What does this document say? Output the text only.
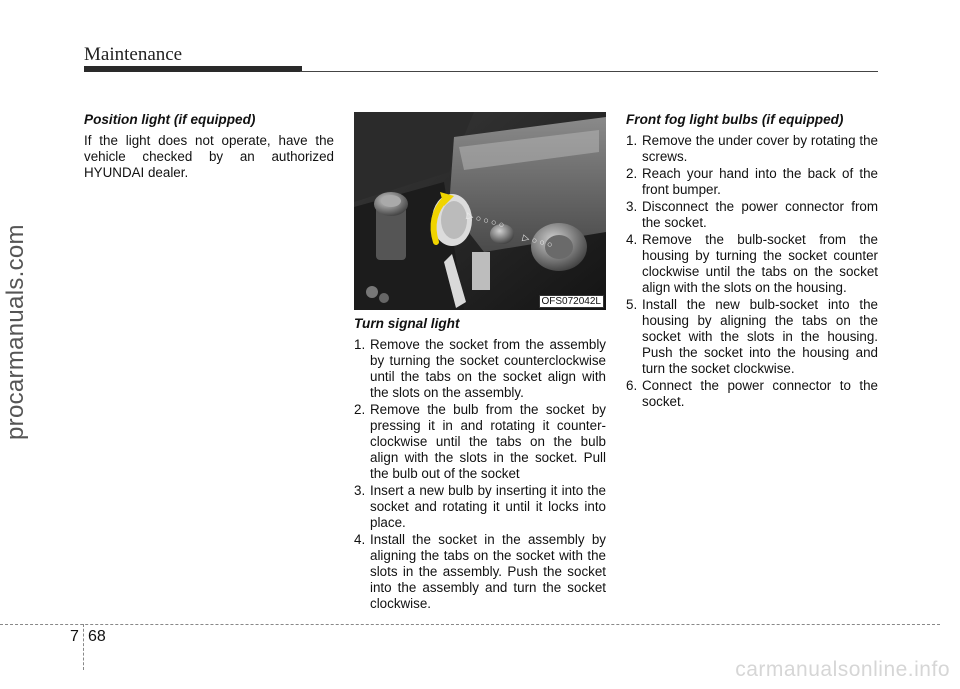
Maintenance
procarmanuals.com
Position light (if equipped)

If the light does not operate, have the vehicle checked by an authorized HYUNDAI dealer.

▷ ○ ○ ○ ○
▷ ○ ○ ○
OFS072042L
Turn signal light
1. Remove the socket from the assembly by turning the socket counterclockwise until the tabs on the socket align with the slots on the assembly.
2. Remove the bulb from the socket by pressing it in and rotating it counter-clockwise until the tabs on the bulb align with the slots in the socket. Pull the bulb out of the socket
3. Insert a new bulb by inserting it into the socket and rotating it until it locks into place.
4. Install the socket in the assembly by aligning the tabs on the socket with the slots in the assembly. Push the socket into the assembly and turn the socket clockwise.
Front fog light bulbs (if equipped)
1. Remove the under cover by rotating the screws.
2. Reach your hand into the back of the front bumper.
3. Disconnect the power connector from the socket.
4. Remove the bulb-socket from the housing by turning the socket counter clockwise until the tabs on the socket align with the slots on the housing.
5. Install the new bulb-socket into the housing by aligning the tabs on the socket with the slots in the housing. Push the socket into the housing and turn the socket clockwise.
6. Connect the power connector to the socket.
7 68
carmanualsonline.info
